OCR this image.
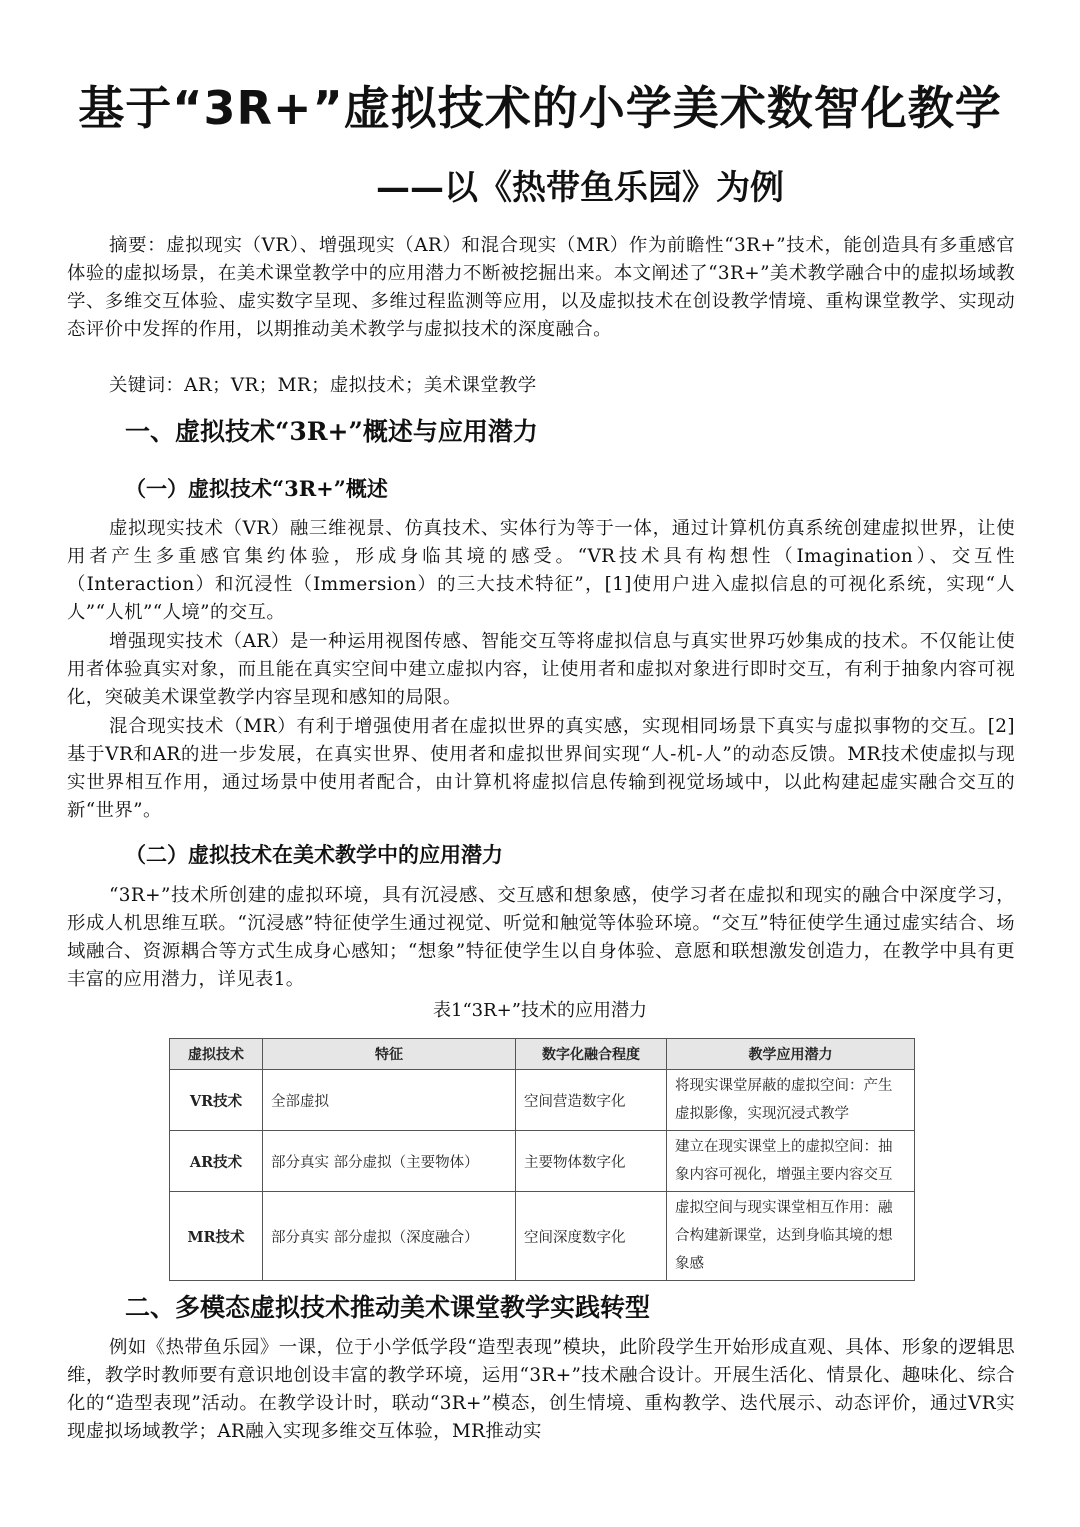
基于“3R+”虚拟技术的小学美术数智化教学
——以《热带鱼乐园》为例

摘要：虚拟现实（VR）、增强现实（AR）和混合现实（MR）作为前瞻性“3R+”技术，能创造具有多重感官体验的虚拟场景，在美术课堂教学中的应用潜力不断被挖掘出来。本文阐述了“3R+”美术教学融合中的虚拟场域教学、多维交互体验、虚实数字呈现、多维过程监测等应用，以及虚拟技术在创设教学情境、重构课堂教学、实现动态评价中发挥的作用，以期推动美术教学与虚拟技术的深度融合。

关键词：AR；VR；MR；虚拟技术；美术课堂教学

一、虚拟技术“3R+”概述与应用潜力
（一）虚拟技术“3R+”概述

虚拟现实技术（VR）融三维视景、仿真技术、实体行为等于一体，通过计算机仿真系统创建虚拟世界，让使用者产生多重感官集约体验，形成身临其境的感受。“VR技术具有构想性（Imagination）、交互性（Interaction）和沉浸性（Immersion）的三大技术特征”，[1]使用户进入虚拟信息的可视化系统，实现“人人”“人机”“人境”的交互。

增强现实技术（AR）是一种运用视图传感、智能交互等将虚拟信息与真实世界巧妙集成的技术。不仅能让使用者体验真实对象，而且能在真实空间中建立虚拟内容，让使用者和虚拟对象进行即时交互，有利于抽象内容可视化，突破美术课堂教学内容呈现和感知的局限。

混合现实技术（MR）有利于增强使用者在虚拟世界的真实感，实现相同场景下真实与虚拟事物的交互。[2]基于VR和AR的进一步发展，在真实世界、使用者和虚拟世界间实现“人-机-人”的动态反馈。MR技术使虚拟与现实世界相互作用，通过场景中使用者配合，由计算机将虚拟信息传输到视觉场域中，以此构建起虚实融合交互的新“世界”。

（二）虚拟技术在美术教学中的应用潜力

“3R+”技术所创建的虚拟环境，具有沉浸感、交互感和想象感，使学习者在虚拟和现实的融合中深度学习，形成人机思维互联。“沉浸感”特征使学生通过视觉、听觉和触觉等体验环境。“交互”特征使学生通过虚实结合、场域融合、资源耦合等方式生成身心感知；“想象”特征使学生以自身体验、意愿和联想激发创造力，在教学中具有更丰富的应用潜力，详见表1。

表1“3R+”技术的应用潜力
虚拟技术	特征	数字化融合程度	教学应用潜力
VR技术	全部虚拟	空间营造数字化	将现实课堂屏蔽的虚拟空间：产生虚拟影像，实现沉浸式教学
AR技术	部分真实 部分虚拟（主要物体）	主要物体数字化	建立在现实课堂上的虚拟空间：抽象内容可视化，增强主要内容交互
MR技术	部分真实 部分虚拟（深度融合）	空间深度数字化	虚拟空间与现实课堂相互作用：融合构建新课堂，达到身临其境的想象感
二、多模态虚拟技术推动美术课堂教学实践转型

例如《热带鱼乐园》一课，位于小学低学段“造型表现”模块，此阶段学生开始形成直观、具体、形象的逻辑思维，教学时教师要有意识地创设丰富的教学环境，运用“3R+”技术融合设计。开展生活化、情景化、趣味化、综合化的“造型表现”活动。在教学设计时，联动“3R+”模态，创生情境、重构教学、迭代展示、动态评价，通过VR实现虚拟场域教学；AR融入实现多维交互体验，MR推动实
